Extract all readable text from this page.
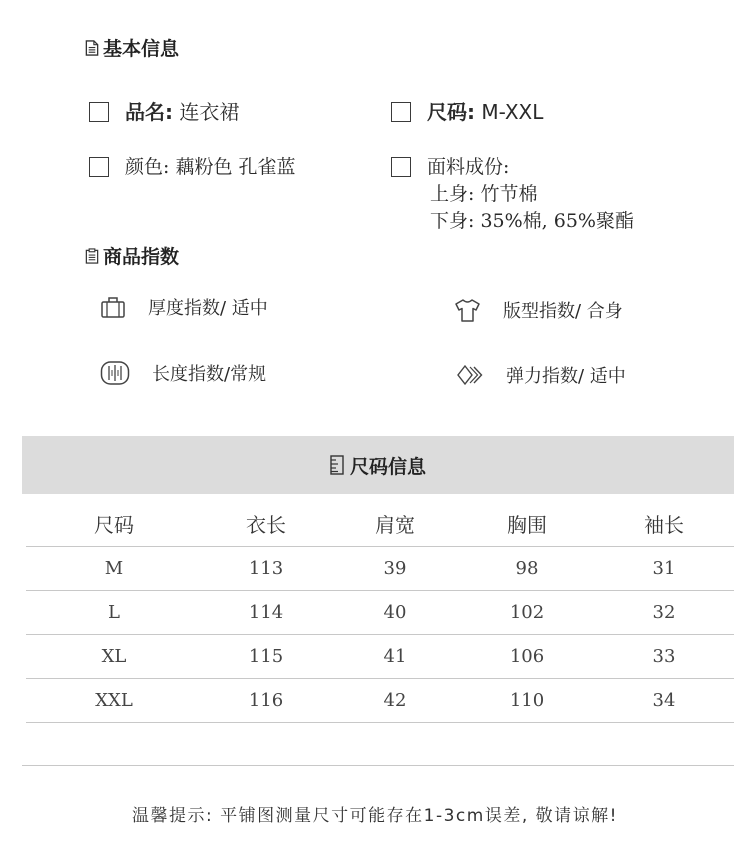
基本信息
品名: 连衣裙	尺码: M-XXL
颜色: 藕粉色 孔雀蓝	面料成份:
上身: 竹节棉
下身: 35%棉, 65%聚酯
商品指数
厚度指数/ 适中	版型指数/ 合身
长度指数/常规	弹力指数/ 适中
尺码信息
尺码	衣长	肩宽	胸围	袖长
M	113	39	98	31
L	114	40	102	32
XL	115	41	106	33
XXL	116	42	110	34
温馨提示: 平铺图测量尺寸可能存在1-3cm误差, 敬请谅解!
